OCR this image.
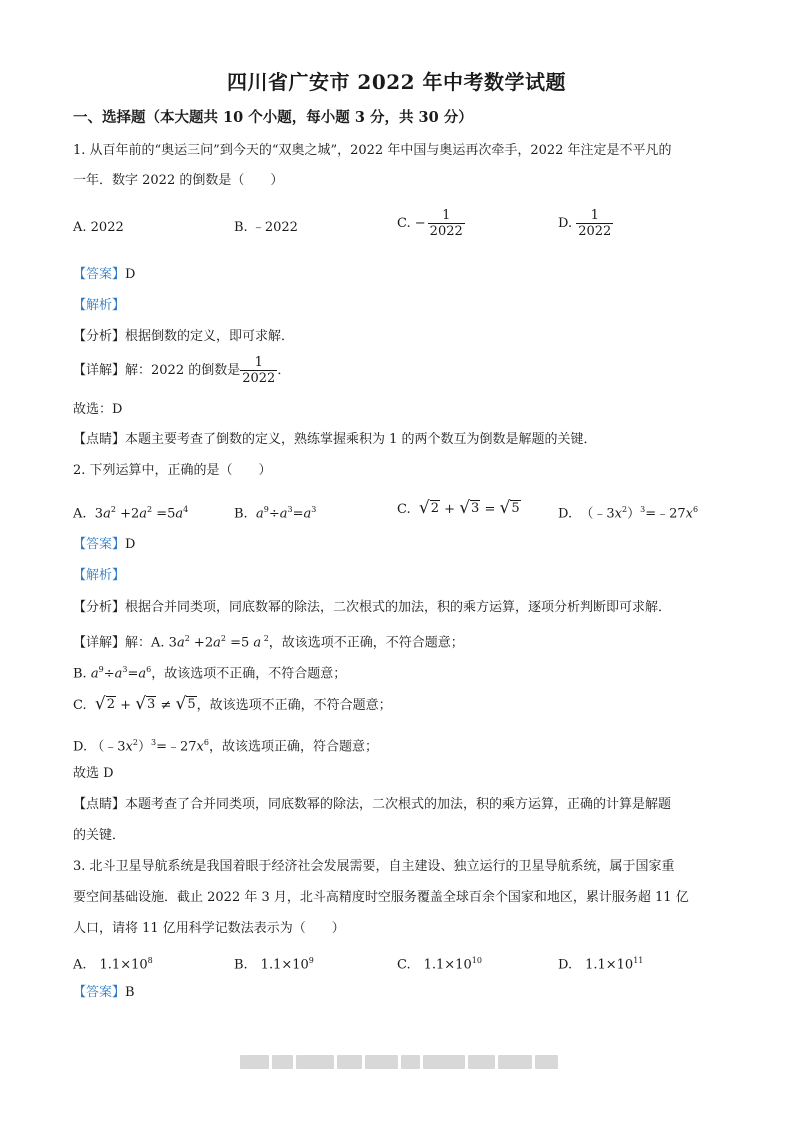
四川省广安市 2022 年中考数学试题
一、选择题（本大题共 10 个小题，每小题 3 分，共 30 分）
1. 从百年前的“奥运三问”到今天的“双奥之城”，2022 年中国与奥运再次牵手，2022 年注定是不平凡的
一年．数字 2022 的倒数是（　　）
A. 2022	B. ﹣2022	C. − $\frac{1}{2022}$	D. $\frac{1}{2022}$
【答案】D
【解析】
【分析】根据倒数的定义，即可求解．
【详解】解：2022 的倒数是 $\frac{1}{2022}$ ．
故选：D
【点睛】本题主要考查了倒数的定义，熟练掌握乘积为 1 的两个数互为倒数是解题的关键．
2. 下列运算中，正确的是（　　）
A.  $3a^2 +2a^2 =5a^4$	B. $a^9\div a^3=a^3$	C. √ 2 + √ 3 = √ 5	D.  $(﹣3x^2)^3=﹣27x^6$
【答案】D
【解析】
【分析】根据合并同类项，同底数幂的除法，二次根式的加法，积的乘方运算，逐项分析判断即可求解．
【详解】解：A. $3a^2 +2a^2 =5$ a $^2$，故该选项不正确，不符合题意；
B. $a^9\div a^3=a^6$，故该选项不正确，不符合题意；
C. √ 2 + √ 3 ≠ √ 5 ，故该选项不正确，不符合题意；
D. $(﹣3x^2)^3=﹣27x^6$，故该选项正确，符合题意；
故选 D
【点睛】本题考查了合并同类项，同底数幂的除法，二次根式的加法，积的乘方运算，正确的计算是解题
的关键．
3. 北斗卫星导航系统是我国着眼于经济社会发展需要，自主建设、独立运行的卫星导航系统，属于国家重
要空间基础设施．截止 2022 年 3 月，北斗高精度时空服务覆盖全球百余个国家和地区，累计服务超 11 亿
人口，请将 11 亿用科学记数法表示为（　　）
A.　$1.1\times 10^8$	B.　$1.1\times 10^9$	C.　$1.1\times 10^{10}$	D.　$1.1\times 10^{11}$
【答案】B
